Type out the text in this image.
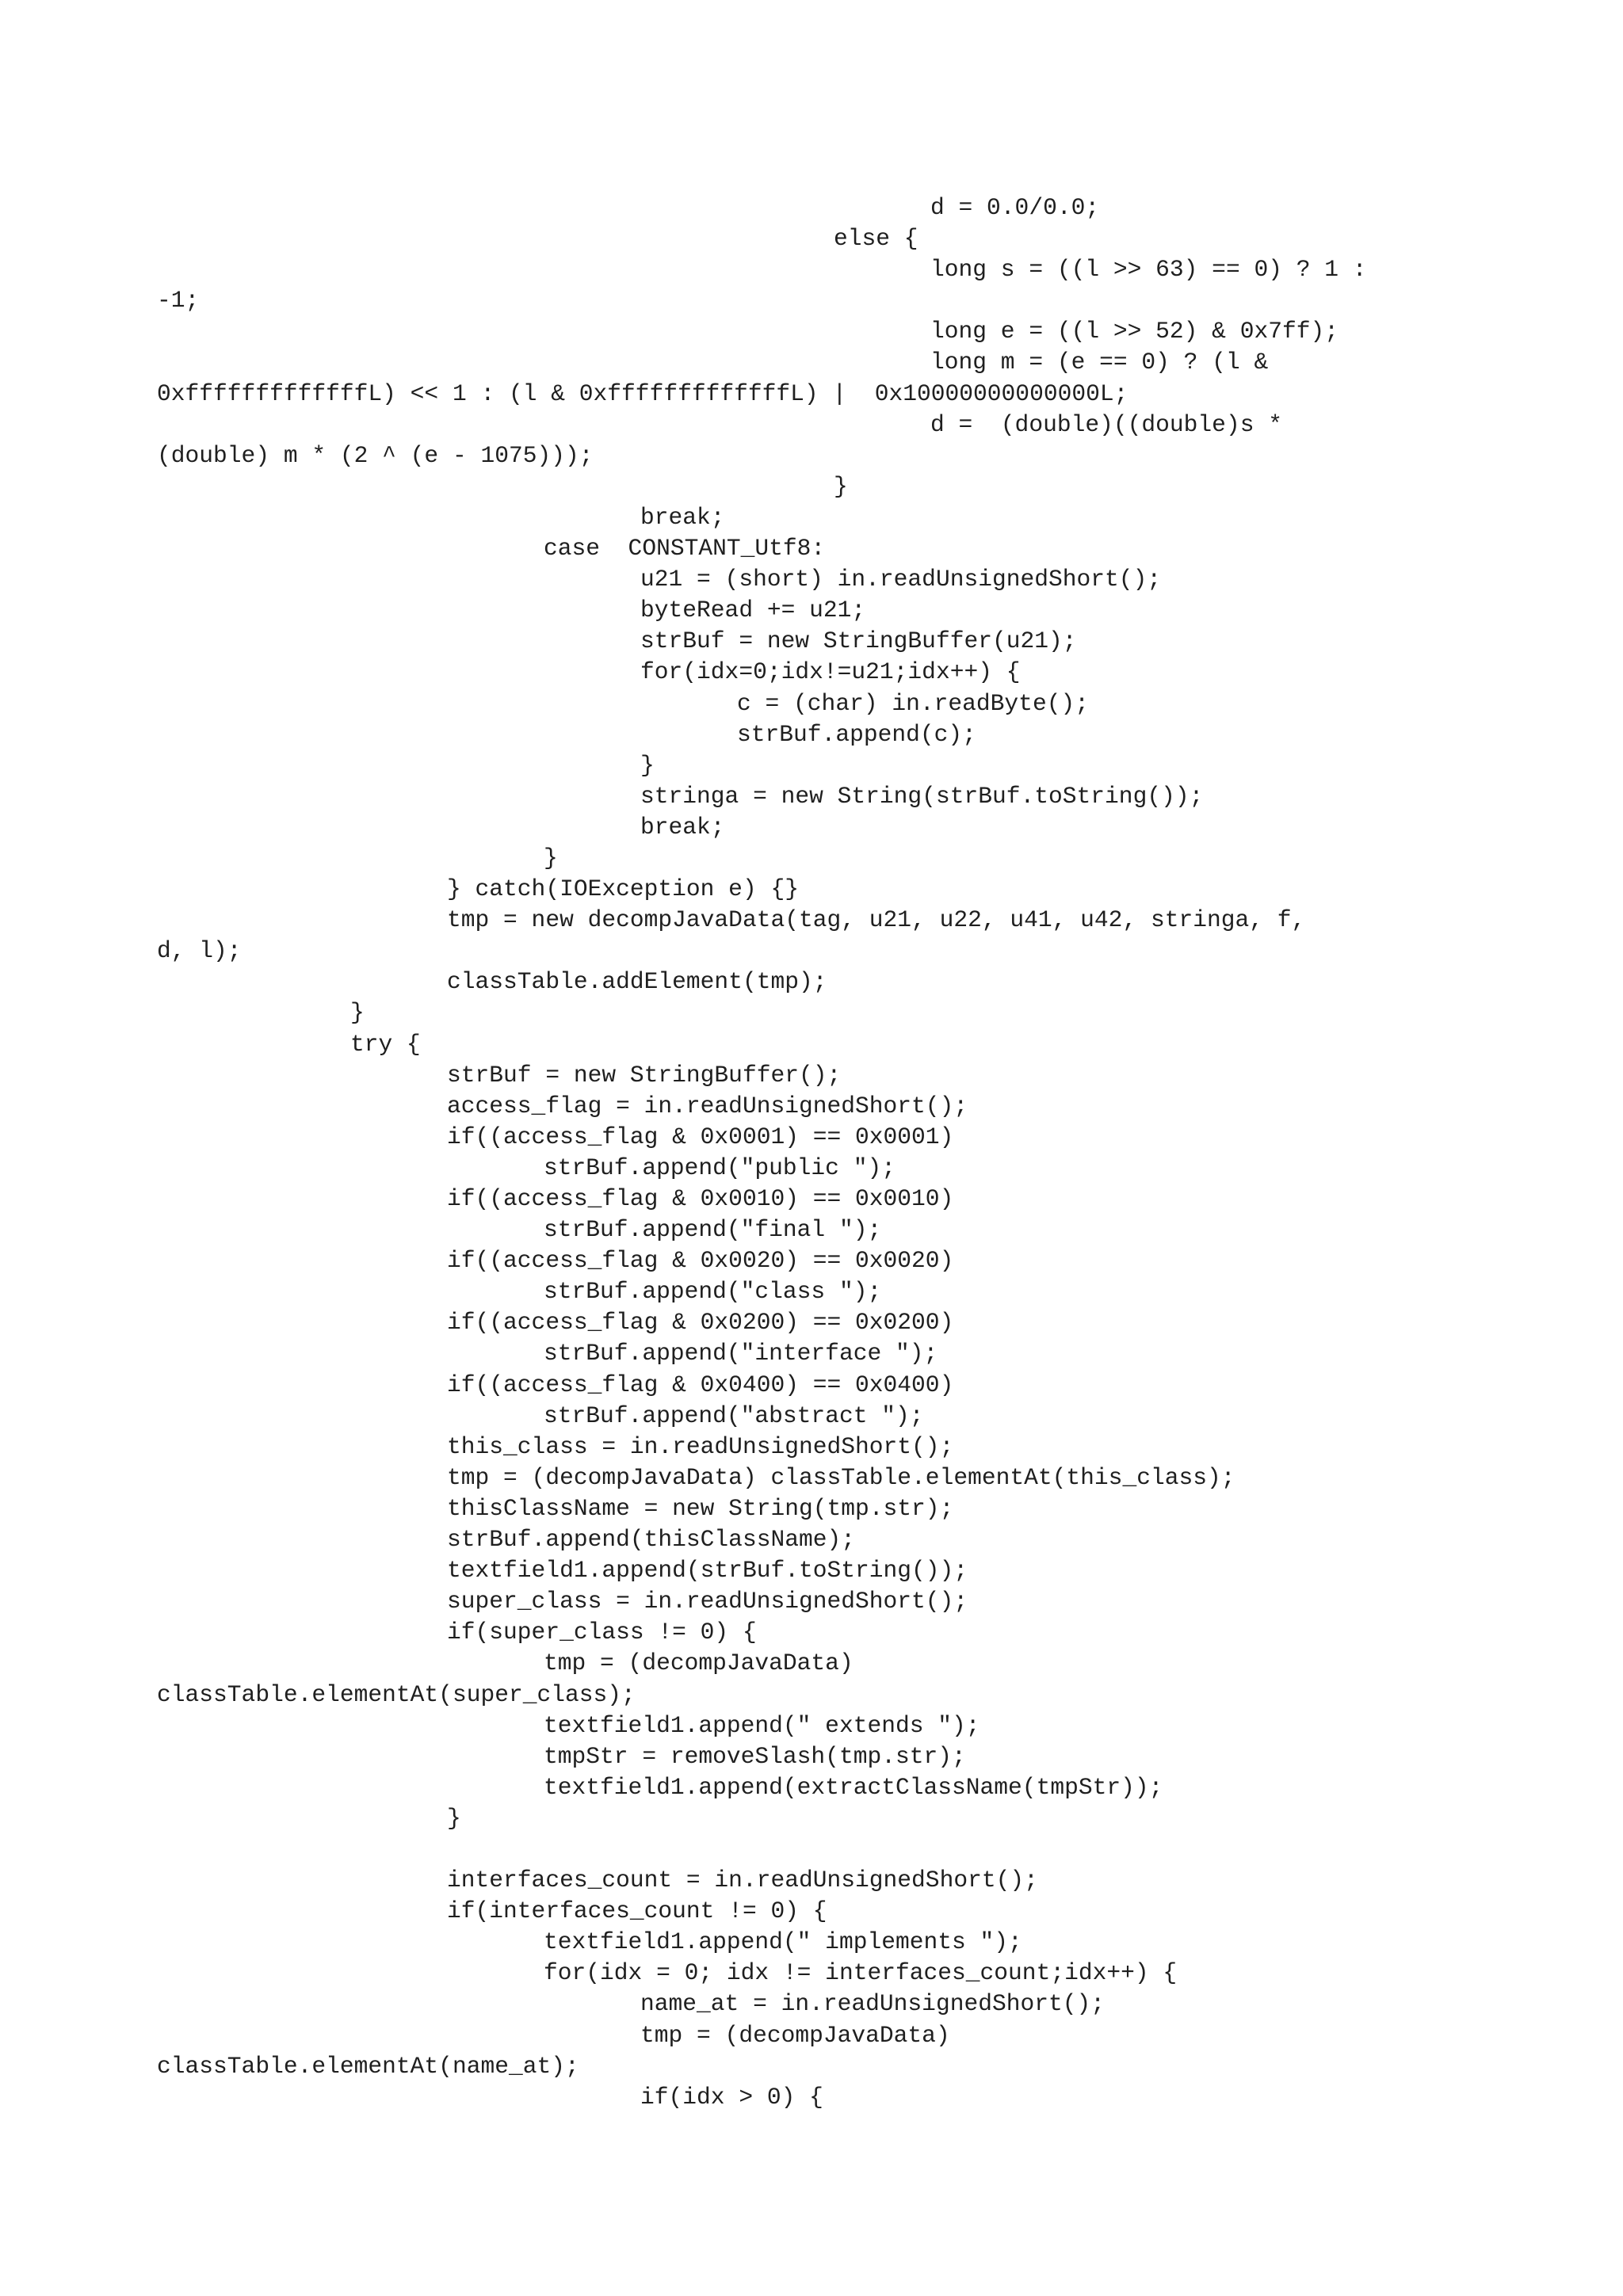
d = 0.0/0.0;
else {
long s = ((l >> 63) == 0) ? 1 :
-1;
long e = ((l >> 52) & 0x7ff);
long m = (e == 0) ? (l &
0xfffffffffffffL) << 1 : (l & 0xfffffffffffffL) |  0x10000000000000L;
d =  (double)((double)s *
(double) m * (2 ^ (e - 1075)));
}
break;
case  CONSTANT_Utf8:
u21 = (short) in.readUnsignedShort();
byteRead += u21;
strBuf = new StringBuffer(u21);
for(idx=0;idx!=u21;idx++) {
c = (char) in.readByte();
strBuf.append(c);
}
stringa = new String(strBuf.toString());
break;
}
} catch(IOException e) {}
tmp = new decompJavaData(tag, u21, u22, u41, u42, stringa, f,
d, l);
classTable.addElement(tmp);
}
try {
strBuf = new StringBuffer();
access_flag = in.readUnsignedShort();
if((access_flag & 0x0001) == 0x0001)
strBuf.append("public ");
if((access_flag & 0x0010) == 0x0010)
strBuf.append("final ");
if((access_flag & 0x0020) == 0x0020)
strBuf.append("class ");
if((access_flag & 0x0200) == 0x0200)
strBuf.append("interface ");
if((access_flag & 0x0400) == 0x0400)
strBuf.append("abstract ");
this_class = in.readUnsignedShort();
tmp = (decompJavaData) classTable.elementAt(this_class);
thisClassName = new String(tmp.str);
strBuf.append(thisClassName);
textfield1.append(strBuf.toString());
super_class = in.readUnsignedShort();
if(super_class != 0) {
tmp = (decompJavaData)
classTable.elementAt(super_class);
textfield1.append(" extends ");
tmpStr = removeSlash(tmp.str);
textfield1.append(extractClassName(tmpStr));
}
interfaces_count = in.readUnsignedShort();
if(interfaces_count != 0) {
textfield1.append(" implements ");
for(idx = 0; idx != interfaces_count;idx++) {
name_at = in.readUnsignedShort();
tmp = (decompJavaData)
classTable.elementAt(name_at);
if(idx > 0) {
